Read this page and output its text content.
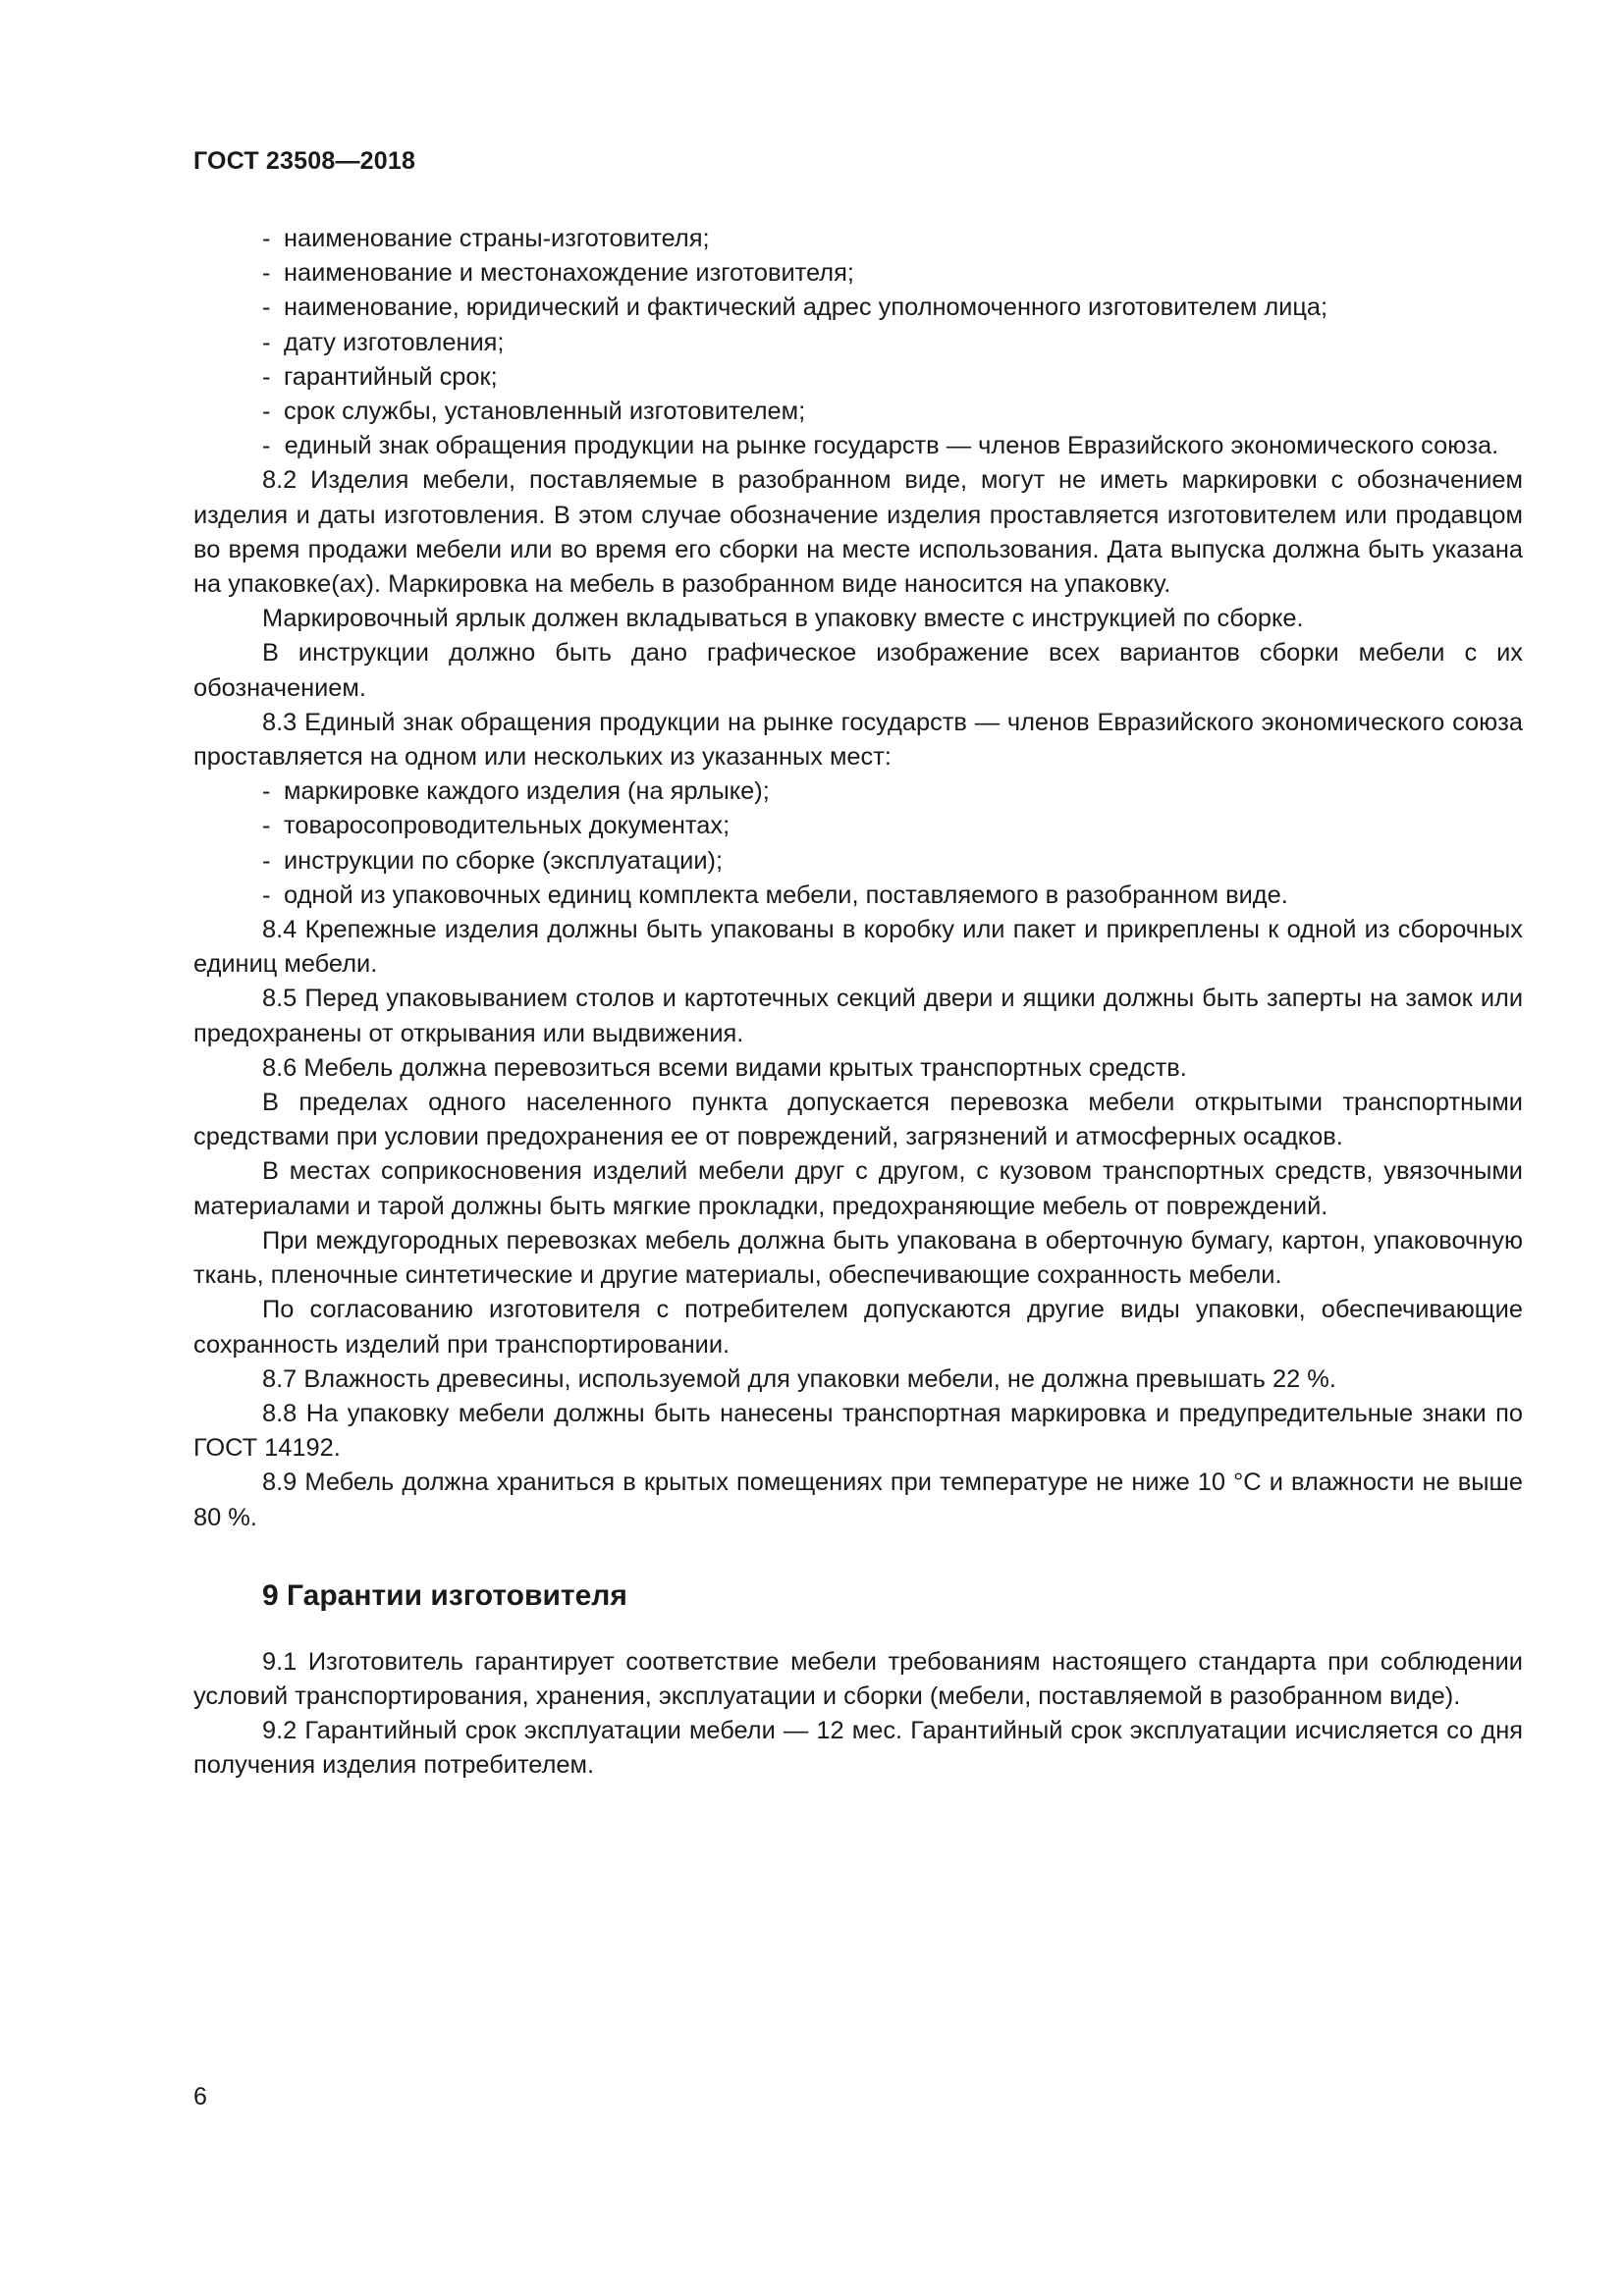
ГОСТ 23508—2018

- наименование страны-изготовителя;

- наименование и местонахождение изготовителя;

- наименование, юридический и фактический адрес уполномоченного изготовителем лица;

- дату изготовления;

- гарантийный срок;

- срок службы, установленный изготовителем;

- единый знак обращения продукции на рынке государств — членов Евразийского экономического союза.

8.2 Изделия мебели, поставляемые в разобранном виде, могут не иметь маркировки с обозначением изделия и даты изготовления. В этом случае обозначение изделия проставляется изготовителем или продавцом во время продажи мебели или во время его сборки на месте использования. Дата выпуска должна быть указана на упаковке(ах). Маркировка на мебель в разобранном виде наносится на упаковку.

Маркировочный ярлык должен вкладываться в упаковку вместе с инструкцией по сборке.

В инструкции должно быть дано графическое изображение всех вариантов сборки мебели с их обозначением.

8.3 Единый знак обращения продукции на рынке государств — членов Евразийского экономического союза проставляется на одном или нескольких из указанных мест:

- маркировке каждого изделия (на ярлыке);

- товаросопроводительных документах;

- инструкции по сборке (эксплуатации);

- одной из упаковочных единиц комплекта мебели, поставляемого в разобранном виде.

8.4 Крепежные изделия должны быть упакованы в коробку или пакет и прикреплены к одной из сборочных единиц мебели.

8.5 Перед упаковыванием столов и картотечных секций двери и ящики должны быть заперты на замок или предохранены от открывания или выдвижения.

8.6 Мебель должна перевозиться всеми видами крытых транспортных средств.

В пределах одного населенного пункта допускается перевозка мебели открытыми транспортными средствами при условии предохранения ее от повреждений, загрязнений и атмосферных осадков.

В местах соприкосновения изделий мебели друг с другом, с кузовом транспортных средств, увязочными материалами и тарой должны быть мягкие прокладки, предохраняющие мебель от повреждений.

При междугородных перевозках мебель должна быть упакована в оберточную бумагу, картон, упаковочную ткань, пленочные синтетические и другие материалы, обеспечивающие сохранность мебели.

По согласованию изготовителя с потребителем допускаются другие виды упаковки, обеспечивающие сохранность изделий при транспортировании.

8.7 Влажность древесины, используемой для упаковки мебели, не должна превышать 22 %.

8.8 На упаковку мебели должны быть нанесены транспортная маркировка и предупредительные знаки по ГОСТ 14192.

8.9 Мебель должна храниться в крытых помещениях при температуре не ниже 10 °С и влажности не выше 80 %.

9 Гарантии изготовителя

9.1 Изготовитель гарантирует соответствие мебели требованиям настоящего стандарта при соблюдении условий транспортирования, хранения, эксплуатации и сборки (мебели, поставляемой в разобранном виде).

9.2 Гарантийный срок эксплуатации мебели — 12 мес. Гарантийный срок эксплуатации исчисляется со дня получения изделия потребителем.

6
